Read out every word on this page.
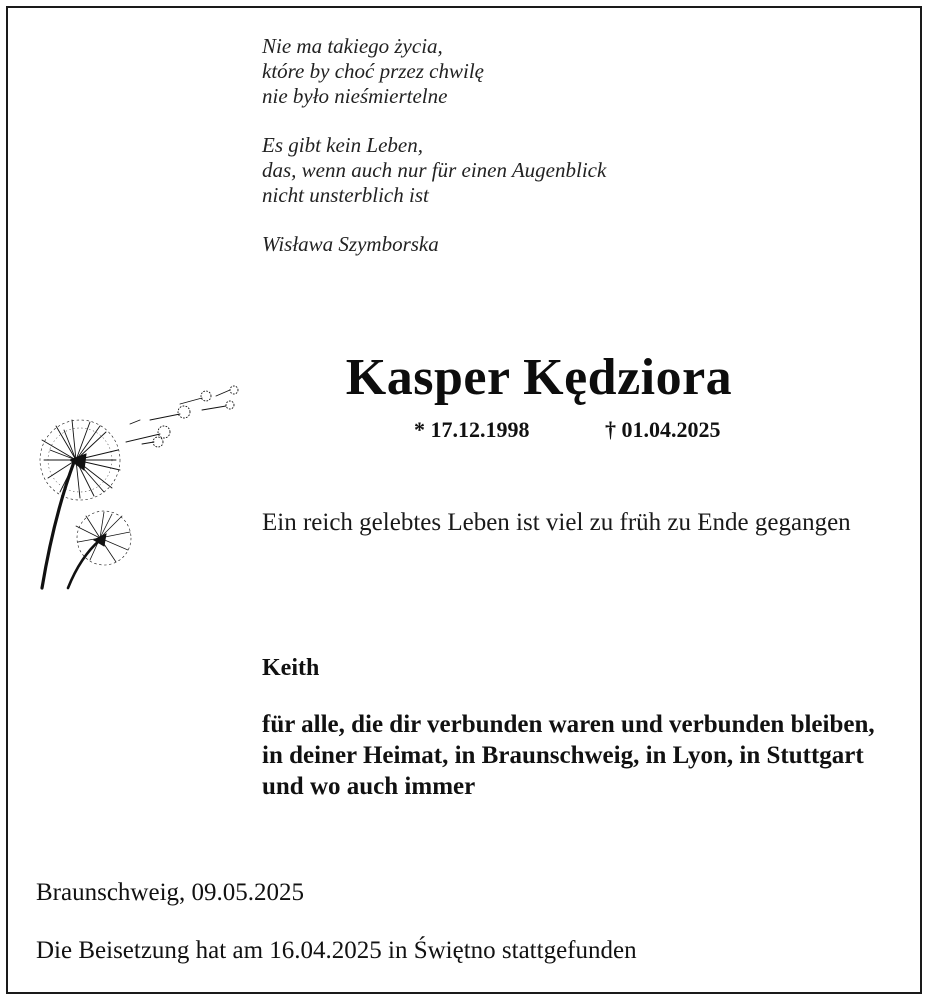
Nie ma takiego życia,
które by choć przez chwilę
nie było nieśmiertelne
Es gibt kein Leben,
das, wenn auch nur für einen Augenblick
nicht unsterblich ist
Wisława Szymborska
Kasper Kędziora
* 17.12.1998	† 01.04.2025
Ein reich gelebtes Leben ist viel zu früh zu Ende gegangen
Keith
für alle, die dir verbunden waren und verbunden bleiben, in deiner Heimat, in Braunschweig, in Lyon, in Stuttgart und wo auch immer
Braunschweig, 09.05.2025
Die Beisetzung hat am 16.04.2025 in Świętno stattgefunden
